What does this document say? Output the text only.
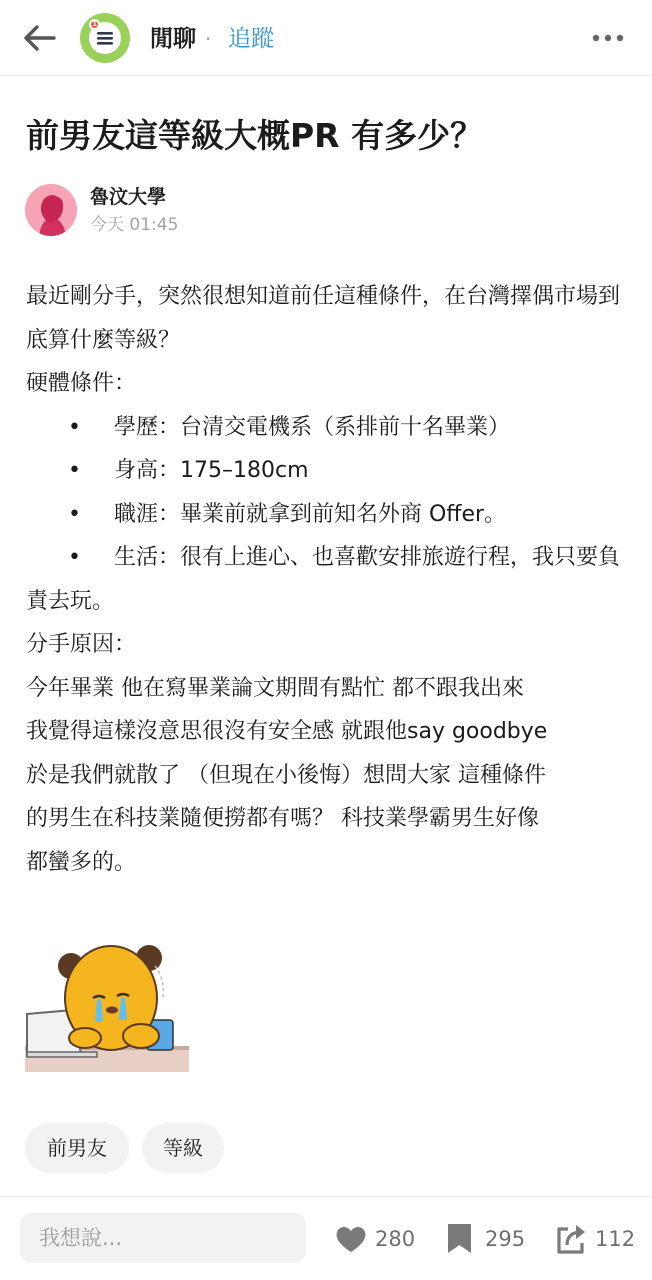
1
閒聊 · 追蹤
前男友這等級大概PR 有多少？
魯汶大學
今天 01:45

最近剛分手，突然很想知道前任這種條件，在台灣擇偶市場到底算什麼等級？

硬體條件：

• 學歷：台清交電機系（系排前十名畢業）
• 身高：175–180cm
• 職涯：畢業前就拿到前知名外商 Offer。
• 生活：很有上進心、也喜歡安排旅遊行程，我只要負責去玩。

分手原因：

今年畢業 他在寫畢業論文期間有點忙 都不跟我出來

我覺得這樣沒意思很沒有安全感 就跟他say goodbye

於是我們就散了 （但現在小後悔）想問大家 這種條件

的男生在科技業隨便撈都有嗎？ 科技業學霸男生好像

都蠻多的。

前男友	等級
我想說...
280	295	112
